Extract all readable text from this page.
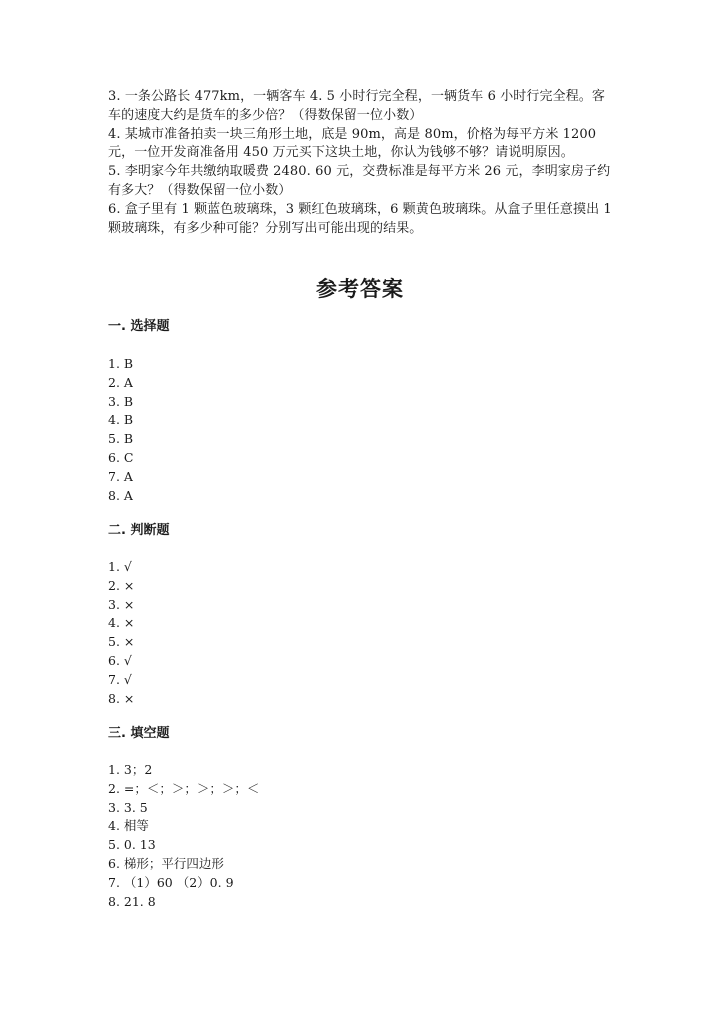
3. 一条公路长 477km，一辆客车 4. 5 小时行完全程，一辆货车 6 小时行完全程。客车的速度大约是货车的多少倍？（得数保留一位小数）

4. 某城市准备拍卖一块三角形土地，底是 90m，高是 80m，价格为每平方米 1200 元，一位开发商准备用 450 万元买下这块土地，你认为钱够不够？请说明原因。

5. 李明家今年共缴纳取暖费 2480. 60 元，交费标准是每平方米 26 元，李明家房子约有多大？（得数保留一位小数）

6. 盒子里有 1 颗蓝色玻璃珠，3 颗红色玻璃珠，6 颗黄色玻璃珠。从盒子里任意摸出 1 颗玻璃珠，有多少种可能？分别写出可能出现的结果。

参考答案
一. 选择题
1. B
2. A
3. B
4. B
5. B
6. C
7. A
8. A
二. 判断题
1. √
2. ×
3. ×
4. ×
5. ×
6. √
7. √
8. ×
三. 填空题
1. 3；2
2. =；＜；＞；＞；＞；＜
3. 3. 5
4. 相等
5. 0. 13
6. 梯形；平行四边形
7. （1）60 （2）0. 9
8. 21. 8
